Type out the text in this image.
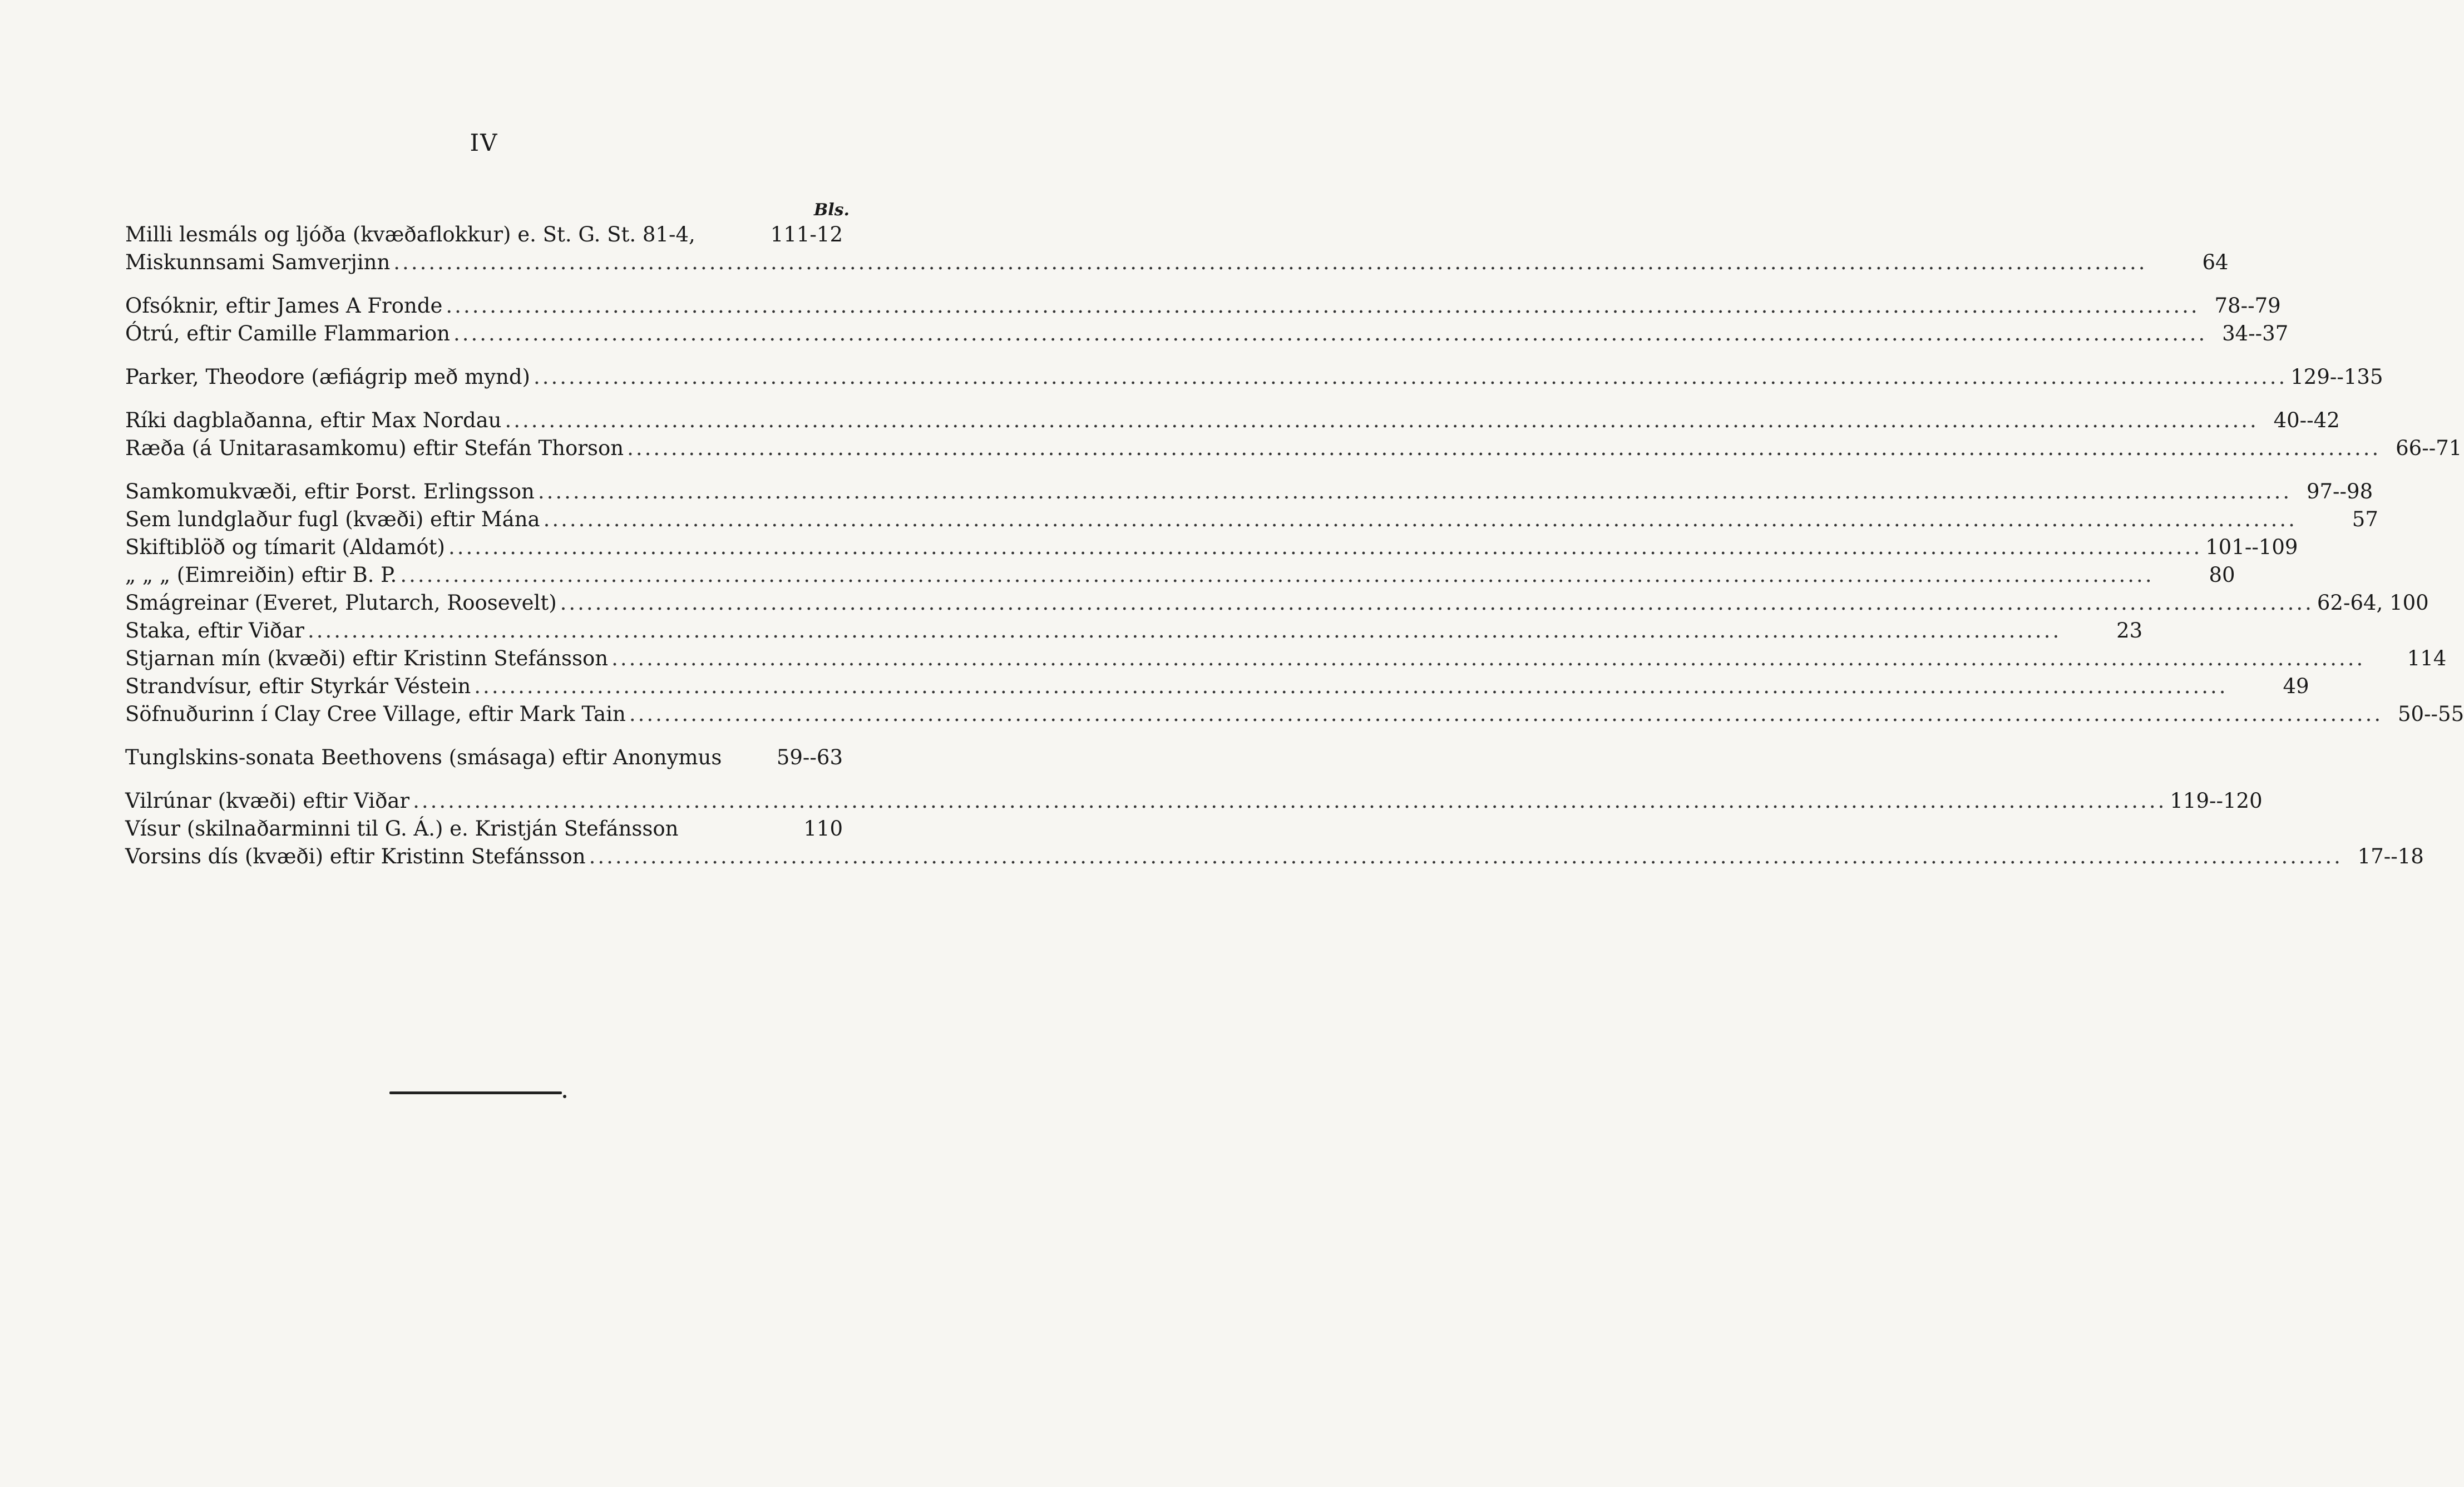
IV
Bls.
Milli lesmáls og ljóða (kvæðaflokkur) e. St. G. St. 81-4,	111-12
Miskunnsami Samverjinn ........................................................................................................................................................................................................	64
Ofsóknir, eftir James A Fronde ........................................................................................................................................................................................................ 78--79
Ótrú, eftir Camille Flammarion ........................................................................................................................................................................................................ 34--37
Parker, Theodore (æfiágrip með mynd) ........................................................................................................................................................................................................ 129--135
Ríki dagblaðanna, eftir Max Nordau ........................................................................................................................................................................................................ 40--42
Ræða (á Unitarasamkomu) eftir Stefán Thorson ........................................................................................................................................................................................................ 66--71
Samkomukvæði, eftir Þorst. Erlingsson ........................................................................................................................................................................................................ 97--98
Sem lundglaður fugl (kvæði) eftir Mána ........................................................................................................................................................................................................	57
Skiftiblöð og tímarit (Aldamót) ........................................................................................................................................................................................................ 101--109
„ „ „ (Eimreiðin) eftir B. P. ........................................................................................................................................................................................................	80
Smágreinar (Everet, Plutarch, Roosevelt) ........................................................................................................................................................................................................ 62-64, 100
Staka, eftir Viðar ........................................................................................................................................................................................................	23
Stjarnan mín (kvæði) eftir Kristinn Stefánsson ........................................................................................................................................................................................................	114
Strandvísur, eftir Styrkár Véstein ........................................................................................................................................................................................................	49
Söfnuðurinn í Clay Cree Village, eftir Mark Tain ........................................................................................................................................................................................................ 50--55
Tunglskins-sonata Beethovens (smásaga) eftir Anonymus	59--63
Vilrúnar (kvæði) eftir Viðar ........................................................................................................................................................................................................ 119--120
Vísur (skilnaðarminni til G. Á.) e. Kristján Stefánsson	110
Vorsins dís (kvæði) eftir Kristinn Stefánsson ........................................................................................................................................................................................................ 17--18
